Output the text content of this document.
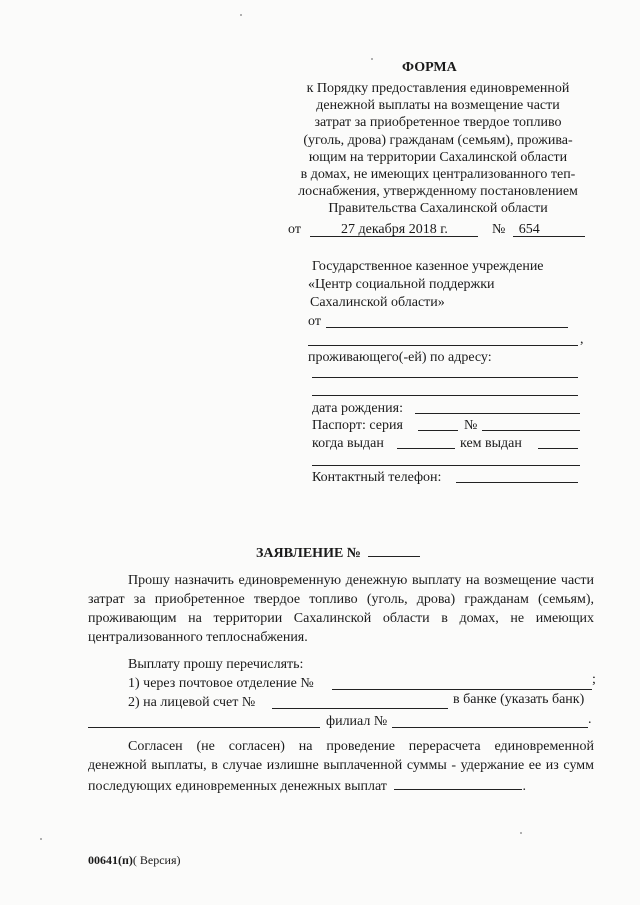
ФОРМА
к Порядку предоставления единовременной
денежной выплаты на возмещение части
затрат за приобретенное твердое топливо
(уголь, дрова) гражданам (семьям), прожива-
ющим на территории Сахалинской области
в домах, не имеющих централизованного теп-
лоснабжения, утвержденному постановлением
Правительства Сахалинской области
от	27 декабря 2018 г.	№ 654
Государственное казенное учреждение
«Центр социальной поддержки
Сахалинской области»
от
,
проживающего(-ей) по адресу:
дата рождения:
Паспорт: серия	№
когда выдан	кем выдан
Контактный телефон:
ЗАЯВЛЕНИЕ №
Прошу назначить единовременную денежную выплату на возмещение части затрат за приобретенное твердое топливо (уголь, дрова) гражданам (семьям), проживающим на территории Сахалинской области в домах, не имеющих централизованного теплоснабжения.
Выплату прошу перечислять:
1) через почтовое отделение №	;
2) на лицевой счет №	в банке (указать банк)
филиал №	.
Согласен (не согласен) на проведение перерасчета единовременной денежной выплаты, в случае излишне выплаченной суммы - удержание ее из сумм последующих единовременных денежных выплат	.
00641(п)( Версия)
